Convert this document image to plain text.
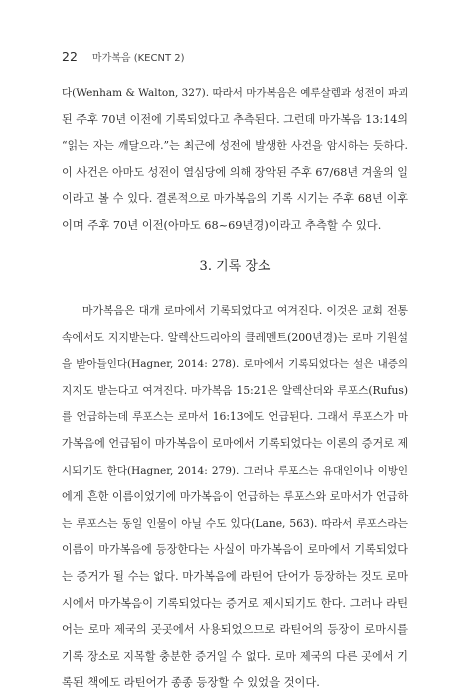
22 마가복음 (KECNT 2)
다(Wenham & Walton, 327). 따라서 마가복음은 예루살렘과 성전이 파괴
된 주후 70년 이전에 기록되었다고 추측된다. 그런데 마가복음 13:14의
“읽는 자는 깨달으라.”는 최근에 성전에 발생한 사건을 암시하는 듯하다.
이 사건은 아마도 성전이 열심당에 의해 장악된 주후 67/68년 겨울의 일
이라고 볼 수 있다. 결론적으로 마가복음의 기록 시기는 주후 68년 이후
이며 주후 70년 이전(아마도 68~69년경)이라고 추측할 수 있다.
3. 기록 장소
마가복음은 대개 로마에서 기록되었다고 여겨진다. 이것은 교회 전통
속에서도 지지받는다. 알렉산드리아의 클레멘트(200년경)는 로마 기원설
을 받아들인다(Hagner, 2014: 278). 로마에서 기록되었다는 설은 내증의
지지도 받는다고 여겨진다. 마가복음 15:21은 알렉산더와 루포스(Rufus)
를 언급하는데 루포스는 로마서 16:13에도 언급된다. 그래서 루포스가 마
가복음에 언급됨이 마가복음이 로마에서 기록되었다는 이론의 증거로 제
시되기도 한다(Hagner, 2014: 279). 그러나 루포스는 유대인이나 이방인
에게 흔한 이름이었기에 마가복음이 언급하는 루포스와 로마서가 언급하
는 루포스는 동일 인물이 아닐 수도 있다(Lane, 563). 따라서 루포스라는
이름이 마가복음에 등장한다는 사실이 마가복음이 로마에서 기록되었다
는 증거가 될 수는 없다. 마가복음에 라틴어 단어가 등장하는 것도 로마
시에서 마가복음이 기록되었다는 증거로 제시되기도 한다. 그러나 라틴
어는 로마 제국의 곳곳에서 사용되었으므로 라틴어의 등장이 로마시를
기록 장소로 지목할 충분한 증거일 수 없다. 로마 제국의 다른 곳에서 기
록된 책에도 라틴어가 종종 등장할 수 있었을 것이다.
